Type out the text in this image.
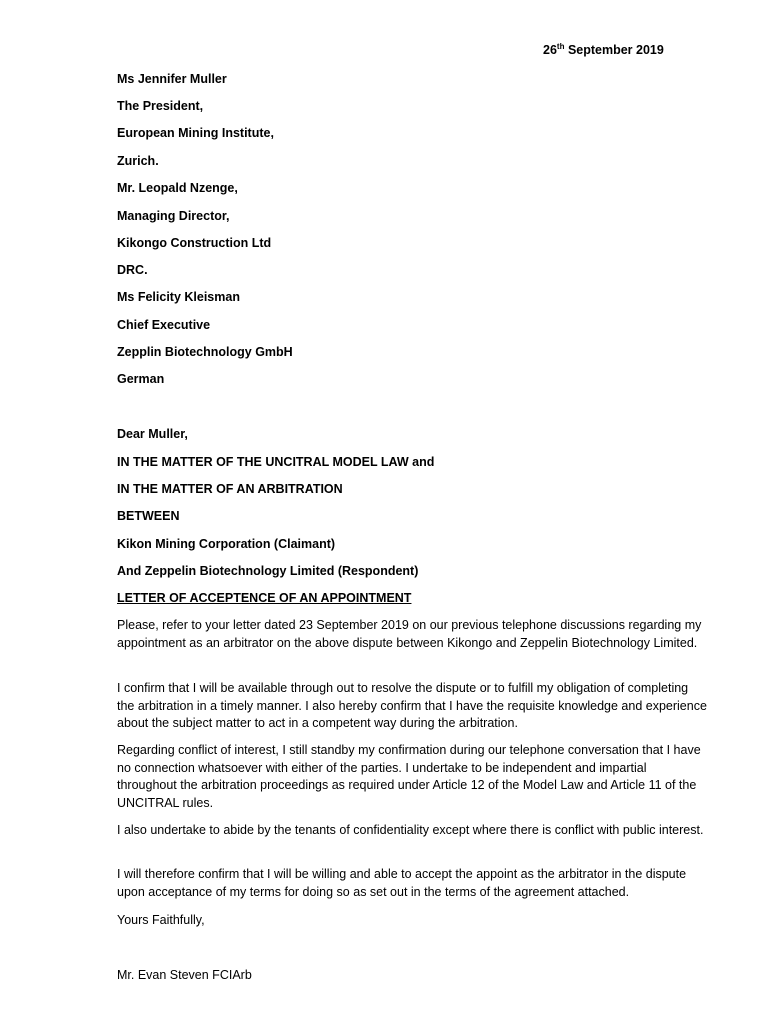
26th September 2019
Ms Jennifer Muller
The President,
European Mining Institute,
Zurich.
Mr. Leopald Nzenge,
Managing Director,
Kikongo Construction Ltd
DRC.
Ms Felicity Kleisman
Chief Executive
Zepplin Biotechnology GmbH
German
Dear Muller,
IN THE MATTER OF THE UNCITRAL MODEL LAW and
IN THE MATTER OF AN ARBITRATION
BETWEEN
Kikon Mining Corporation (Claimant)
And Zeppelin Biotechnology Limited (Respondent)
LETTER OF ACCEPTENCE OF AN APPOINTMENT
Please, refer to your letter dated 23 September 2019 on our previous telephone discussions regarding my appointment as an arbitrator on the above dispute between Kikongo and Zeppelin Biotechnology Limited.
I confirm that I will be available through out to resolve the dispute or to fulfill my obligation of completing the arbitration in a timely manner. I also hereby confirm that I have the requisite knowledge and experience about the subject matter to act in a competent way during the arbitration.
Regarding conflict of interest, I still standby my confirmation during our telephone conversation that I have no connection whatsoever with either of the parties. I undertake to be independent and impartial throughout the arbitration proceedings as required under Article 12 of the Model Law and Article 11 of the UNCITRAL rules.
I also undertake to abide by the tenants of confidentiality except where there is conflict with public interest.
I will therefore confirm that I will be willing and able to accept the appoint as the arbitrator in the dispute upon acceptance of my terms for doing so as set out in the terms of the agreement attached.
Yours Faithfully,
Mr. Evan Steven FCIArb
